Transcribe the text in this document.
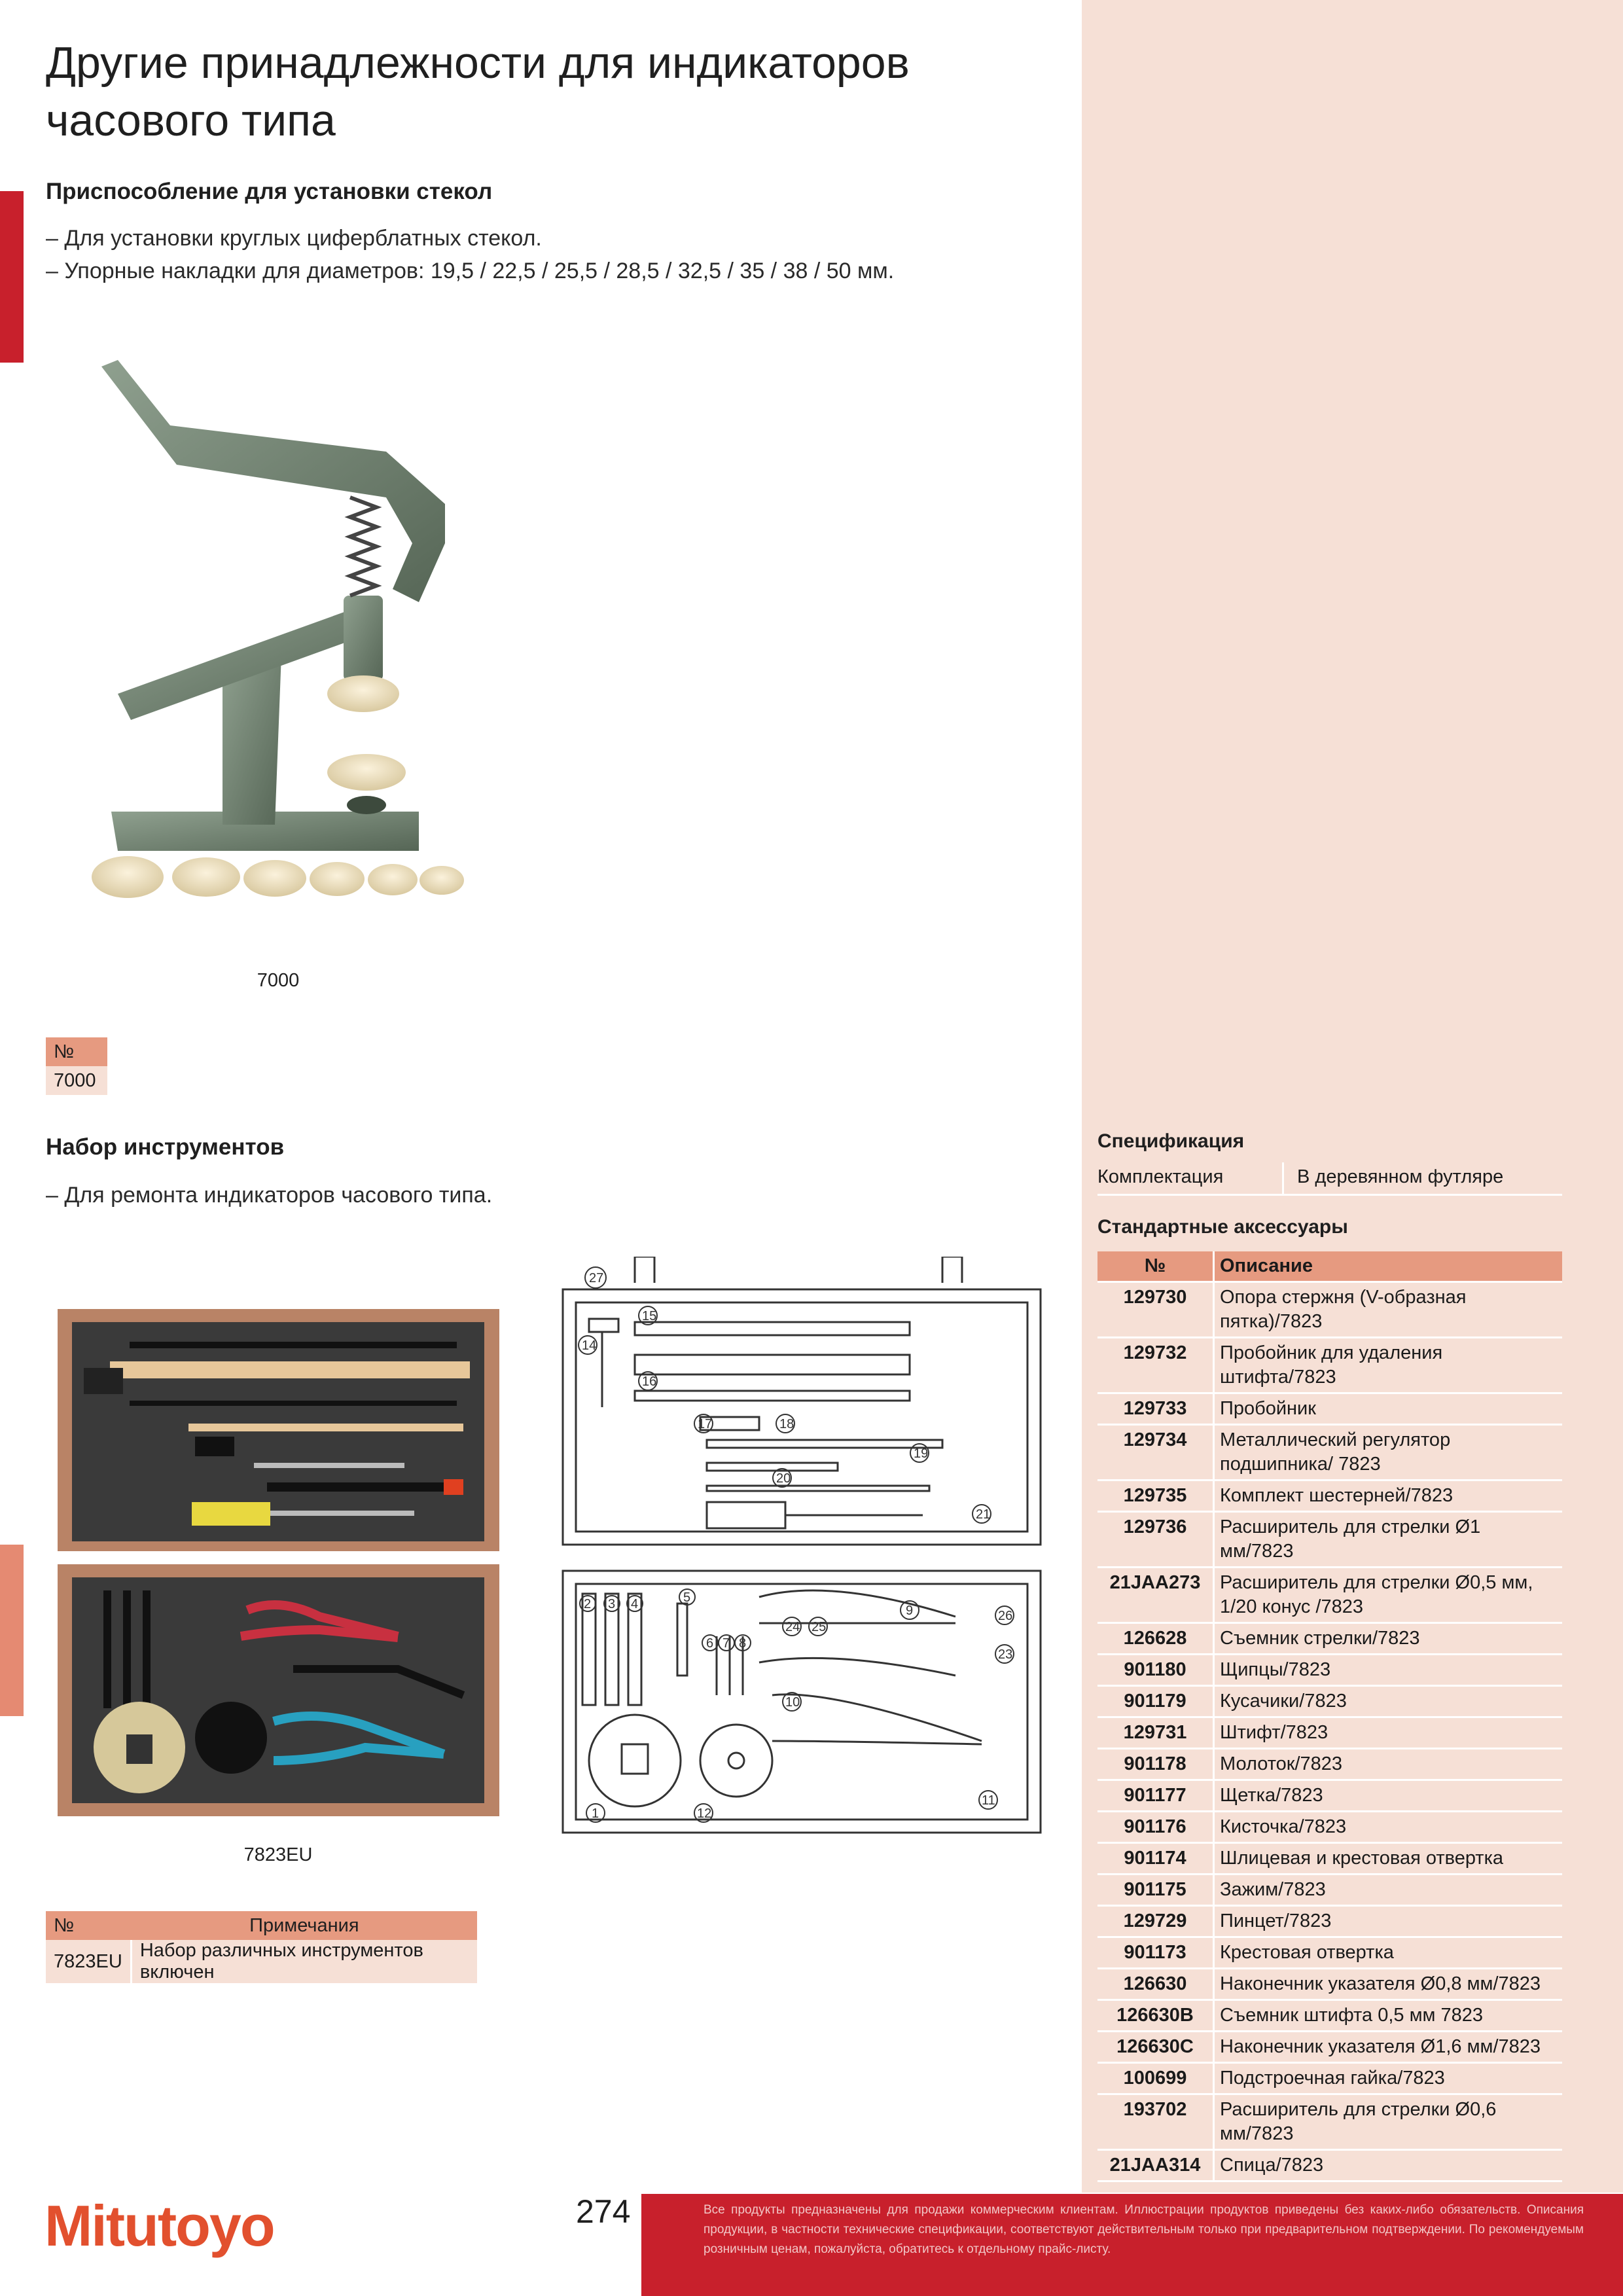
Другие принадлежности для индикаторов часового типа
Приспособление для установки стекол
– Для установки круглых циферблатных стекол.
– Упорные накладки для диаметров: 19,5 / 22,5 / 25,5 / 28,5 / 32,5 / 35 / 38 / 50 мм.
7000
№
7000
Набор инструментов
– Для ремонта индикаторов часового типа.
7823EU
27
15
14
16
17	18
19
20
21
2 3 4	5
6 7 8
24 25
9	26
23
10
1	12
11
№	Примечания
7823EU	Набор различных инструментов включен
Спецификация
Комплектация	В деревянном футляре
Стандартные аксессуары
№	Описание
129730	Опора стержня (V-образная пятка)/7823
129732	Пробойник для удаления штифта/7823
129733	Пробойник
129734	Металлический регулятор подшипника/ 7823
129735	Комплект шестерней/7823
129736	Расширитель для стрелки Ø1 мм/7823
21JAA273	Расширитель для стрелки Ø0,5 мм, 1/20 конус /7823
126628	Съемник стрелки/7823
901180	Щипцы/7823
901179	Кусачики/7823
129731	Штифт/7823
901178	Молоток/7823
901177	Щетка/7823
901176	Кисточка/7823
901174	Шлицевая и крестовая отвертка
901175	Зажим/7823
129729	Пинцет/7823
901173	Крестовая отвертка
126630	Наконечник указателя Ø0,8 мм/7823
126630B	Съемник штифта 0,5 мм 7823
126630C	Наконечник указателя Ø1,6 мм/7823
100699	Подстроечная гайка/7823
193702	Расширитель для стрелки Ø0,6 мм/7823
21JAA314	Спица/7823
Mitutoyo	274	Все продукты предназначены для продажи коммерческим клиентам. Иллюстрации продуктов приведены без каких-либо обязательств. Описания продукции, в частности технические спецификации, соответствуют действительным только при предварительном подтверждении. По рекомендуемым розничным ценам, пожалуйста, обратитесь к отдельному прайс-листу.
